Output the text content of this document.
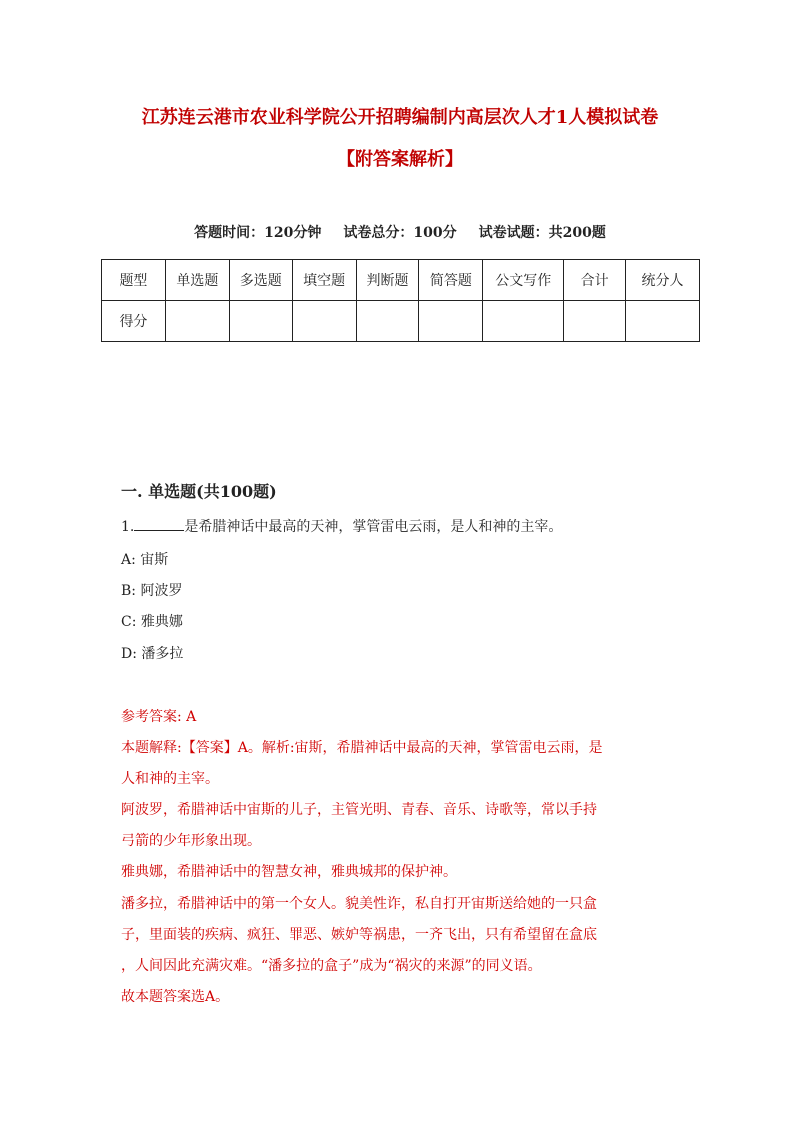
江苏连云港市农业科学院公开招聘编制内高层次人才1人模拟试卷
【附答案解析】
答题时间：120分钟 试卷总分：100分 试卷试题：共200题
题型	单选题	多选题	填空题	判断题	简答题	公文写作	合计	统分人
得分								
一. 单选题(共100题)
1.	是希腊神话中最高的天神，掌管雷电云雨，是人和神的主宰。
A: 宙斯
B: 阿波罗
C: 雅典娜
D: 潘多拉
参考答案: A
本题解释:【答案】A。解析:宙斯，希腊神话中最高的天神，掌管雷电云雨，是
人和神的主宰。
阿波罗，希腊神话中宙斯的儿子，主管光明、青春、音乐、诗歌等，常以手持
弓箭的少年形象出现。
雅典娜，希腊神话中的智慧女神，雅典城邦的保护神。
潘多拉，希腊神话中的第一个女人。貌美性诈，私自打开宙斯送给她的一只盒
子，里面装的疾病、疯狂、罪恶、嫉妒等祸患，一齐飞出，只有希望留在盒底
，人间因此充满灾难。“潘多拉的盒子”成为“祸灾的来源”的同义语。
故本题答案选A。
